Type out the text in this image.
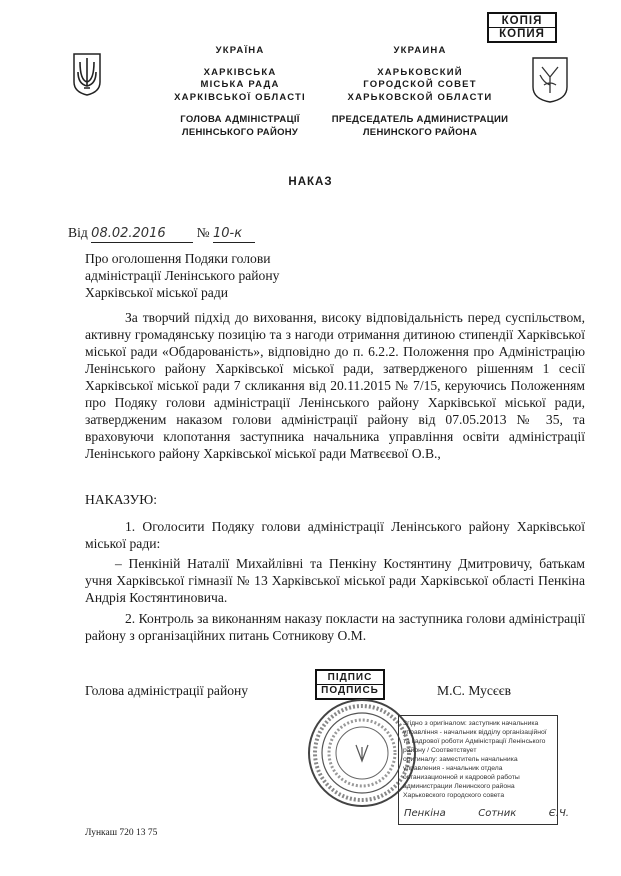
УКРАЇНА
ХАРКІВСЬКА
МІСЬКА РАДА
ХАРКІВСЬКОЇ ОБЛАСТІ
ГОЛОВА АДМІНІСТРАЦІЇ
ЛЕНІНСЬКОГО РАЙОНУ
УКРАИНА
ХАРЬКОВСКИЙ
ГОРОДСКОЙ СОВЕТ
ХАРЬКОВСКОЙ ОБЛАСТИ
ПРЕДСЕДАТЕЛЬ АДМИНИСТРАЦИИ
ЛЕНИНСКОГО РАЙОНА
КОПІЯ
КОПИЯ
НАКАЗ
Від 08.02.2016 № 10-к
Про оголошення Подяки голови
адміністрації Ленінського району
Харківської міської ради
За творчий підхід до виховання, високу відповідальність перед суспільством, активну громадянську позицію та з нагоди отримання дитиною стипендії Харківської міської ради «Обдарованість», відповідно до п. 6.2.2. Положення про Адміністрацію Ленінського району Харківської міської ради, затвердженого рішенням 1 сесії Харківської міської ради 7 скликання від 20.11.2015 № 7/15, керуючись Положенням про Подяку голови адміністрації Ленінського району Харківської міської ради, затвердженим наказом голови адміністрації району від 07.05.2013 № 35, та враховуючи клопотання заступника начальника управління освіти адміністрації Ленінського району Харківської міської ради Матвєєвої О.В.,
НАКАЗУЮ:
1. Оголосити Подяку голови адміністрації Ленінського району Харківської міської ради:
– Пенкіній Наталії Михайлівні та Пенкіну Костянтину Дмитровичу, батькам учня Харківської гімназії № 13 Харківської міської ради Харківської області Пенкіна Андрія Костянтиновича.
2. Контроль за виконанням наказу покласти на заступника голови адміністрації району з організаційних питань Сотникову О.М.
Голова адміністрації району
ПІДПИС
ПОДПИСЬ	М.С. Мусєєв
Згідно з оригіналом: заступник начальника
управління - начальник відділу організаційної
та кадрової роботи Адміністрації Ленінського
району / Соответствует
оригиналу: заместитель начальника
управления - начальник отдела
организационной и кадровой работы
администрации Ленинского района
Харьковского городского совета
Пенкіна	Сотник	Є.Ч.
Лункаш 720 13 75
